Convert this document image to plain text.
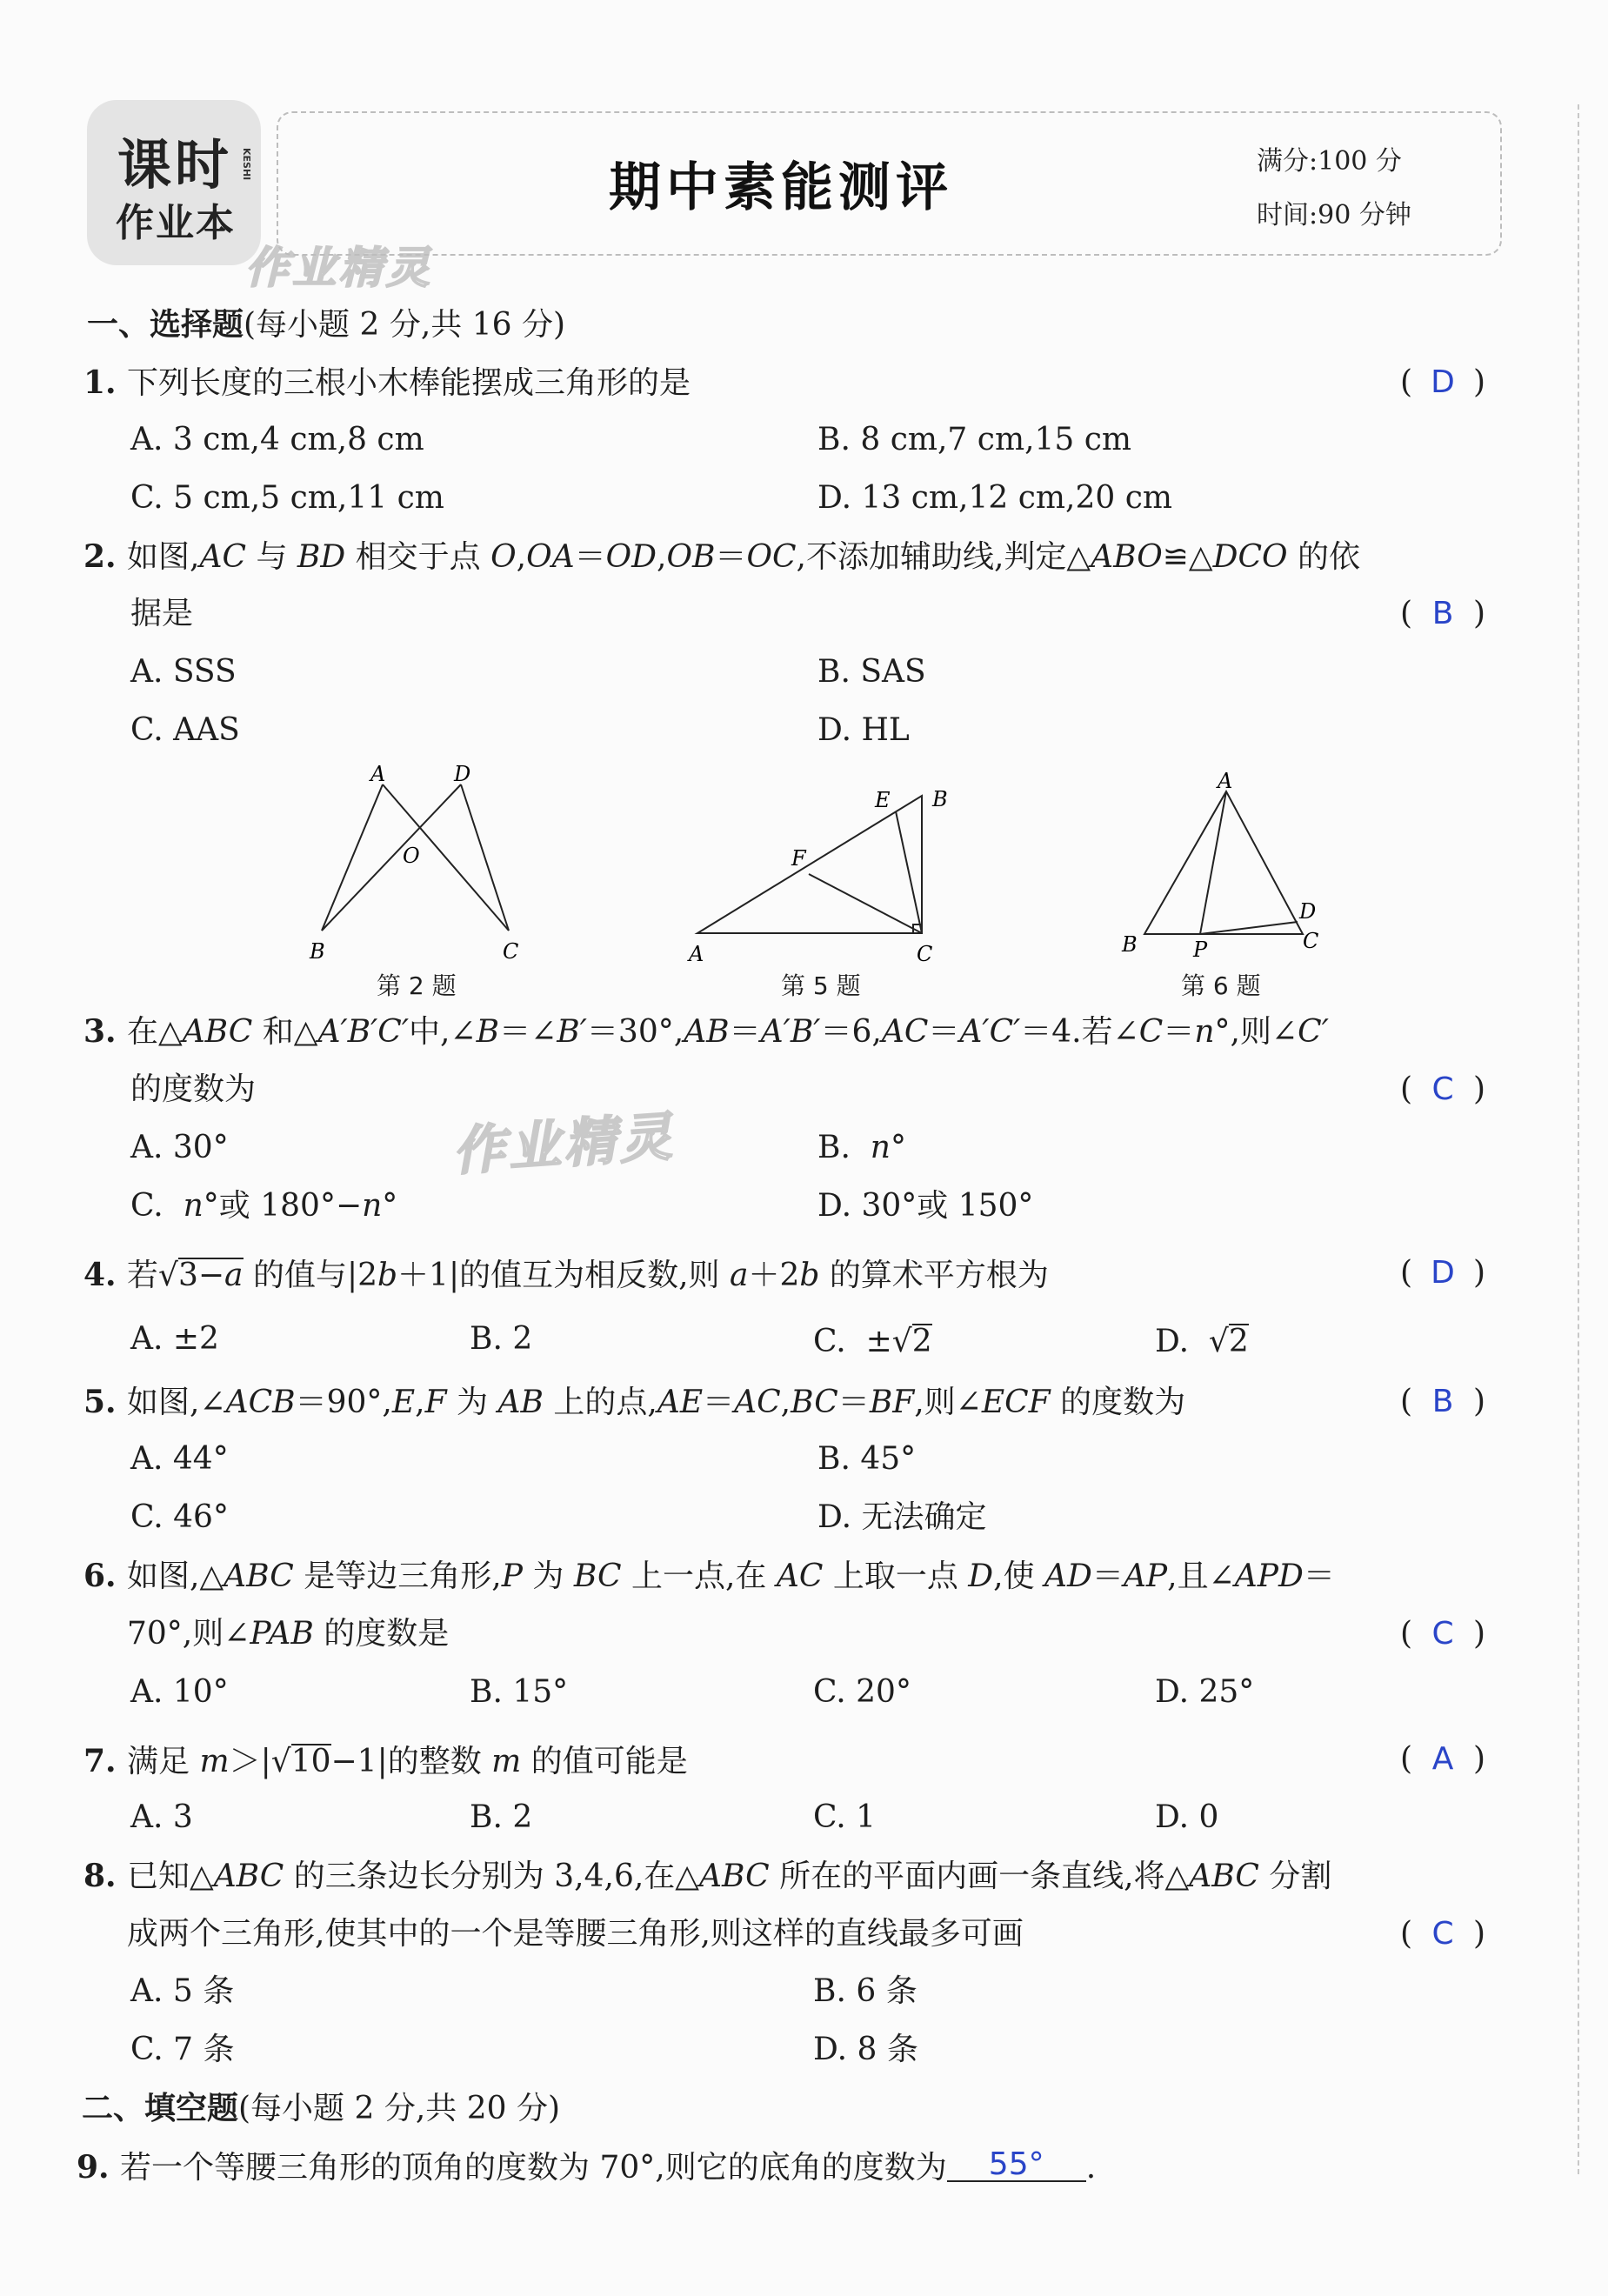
课时 KESHI
作业本
作业精灵
作业精灵
期中素能测评	满分:100 分
时间:90 分钟
一、选择题(每小题 2 分,共 16 分)
1. 下列长度的三根小木棒能摆成三角形的是	( D )
A. 3 cm,4 cm,8 cm	B. 8 cm,7 cm,15 cm
C. 5 cm,5 cm,11 cm	D. 13 cm,12 cm,20 cm
2. 如图,AC 与 BD 相交于点 O,OA＝OD,OB＝OC,不添加辅助线,判定△ABO≌△DCO 的依
据是	( B )
A. SSS	B. SAS
C. AAS	D. HL
A	D
O
B	C
第 2 题
E B
F
A	C
第 5 题
A
D
B	P	C
第 6 题
3. 在△ABC 和△A′B′C′中,∠B＝∠B′＝30°,AB＝A′B′＝6,AC＝A′C′＝4.若∠C＝n°,则∠C′
的度数为	( C )
A. 30°	B.  n°
C.  n°或 180°−n°	D. 30°或 150°
4. 若√3−a 的值与|2b＋1|的值互为相反数,则 a＋2b 的算术平方根为	( D )
A. ±2	B. 2	C.  ±√2	D.  √2
5. 如图,∠ACB＝90°,E,F 为 AB 上的点,AE＝AC,BC＝BF,则∠ECF 的度数为	( B )
A. 44°	B. 45°
C. 46°	D. 无法确定
6. 如图,△ABC 是等边三角形,P 为 BC 上一点,在 AC 上取一点 D,使 AD＝AP,且∠APD＝
70°,则∠PAB 的度数是	( C )
A. 10°	B. 15°	C. 20°	D. 25°
7. 满足 m＞|√10−1|的整数 m 的值可能是	( A )
A. 3	B. 2	C. 1	D. 0
8. 已知△ABC 的三条边长分别为 3,4,6,在△ABC 所在的平面内画一条直线,将△ABC 分割
成两个三角形,使其中的一个是等腰三角形,则这样的直线最多可画	( C )
A. 5 条	B. 6 条
C. 7 条	D. 8 条
二、填空题(每小题 2 分,共 20 分)
9. 若一个等腰三角形的顶角的度数为 70°,则它的底角的度数为 55° .
